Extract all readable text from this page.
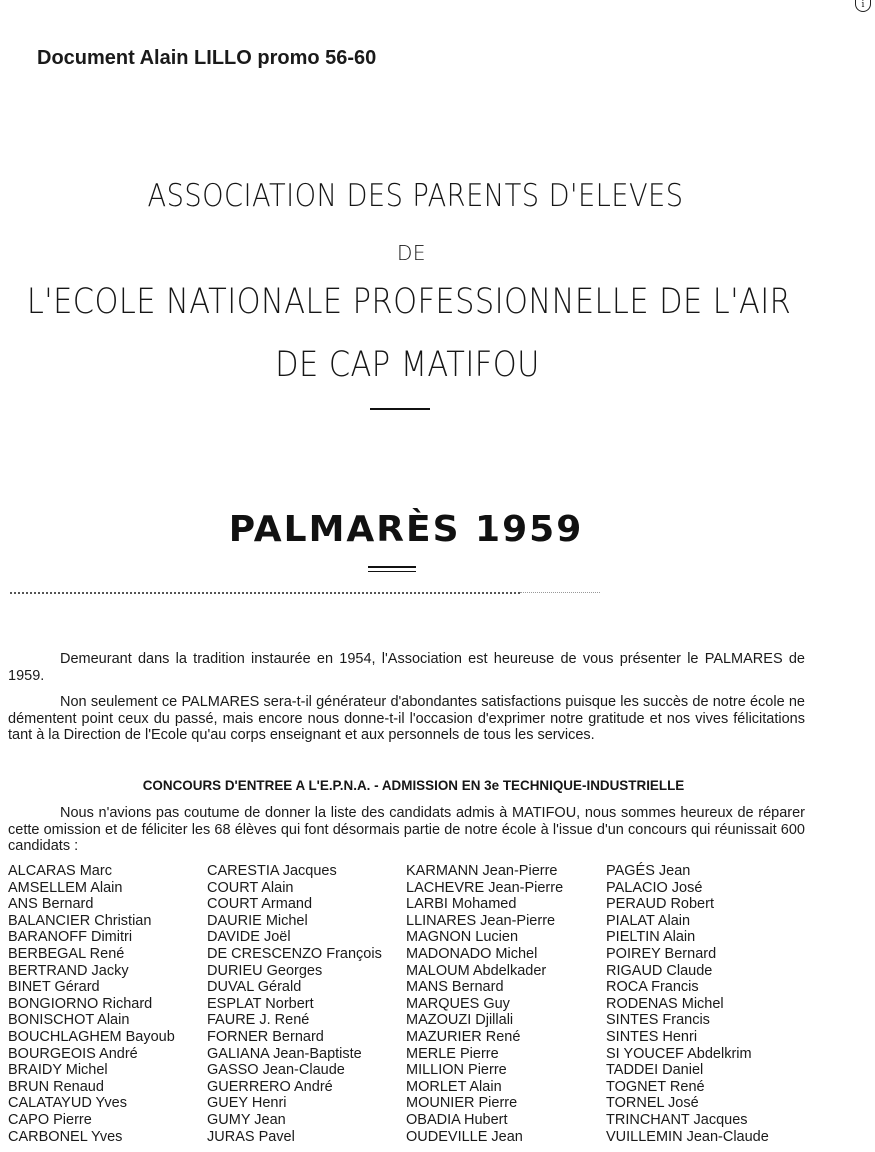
Document Alain LILLO promo 56-60
i
ASSOCIATION DES PARENTS D'ELEVES
DE
L'ECOLE NATIONALE PROFESSIONNELLE DE L'AIR
DE CAP MATIFOU
PALMARÈS 1959
Demeurant dans la tradition instaurée en 1954, l'Association est heureuse de vous présenter le PALMARES de 1959.
Non seulement ce PALMARES sera-t-il générateur d'abondantes satisfactions puisque les succès de notre école ne démentent point ceux du passé, mais encore nous donne-t-il l'occasion d'exprimer notre gratitude et nos vives félicitations tant à la Direction de l'Ecole qu'au corps enseignant et aux personnels de tous les services.
CONCOURS D'ENTREE A L'E.P.N.A. - ADMISSION EN 3e TECHNIQUE-INDUSTRIELLE
Nous n'avions pas coutume de donner la liste des candidats admis à MATIFOU, nous sommes heureux de réparer cette omission et de féliciter les 68 élèves qui font désormais partie de notre école à l'issue d'un concours qui réunissait 600 candidats :
ALCARAS Marc
AMSELLEM Alain
ANS Bernard
BALANCIER Christian
BARANOFF Dimitri
BERBEGAL René
BERTRAND Jacky
BINET Gérard
BONGIORNO Richard
BONISCHOT Alain
BOUCHLAGHEM Bayoub
BOURGEOIS André
BRAIDY Michel
BRUN Renaud
CALATAYUD Yves
CAPO Pierre
CARBONEL Yves
CARESTIA Jacques
COURT Alain
COURT Armand
DAURIE Michel
DAVIDE Joël
DE CRESCENZO François
DURIEU Georges
DUVAL Gérald
ESPLAT Norbert
FAURE J. René
FORNER Bernard
GALIANA Jean-Baptiste
GASSO Jean-Claude
GUERRERO André
GUEY Henri
GUMY Jean
JURAS Pavel
KARMANN Jean-Pierre
LACHEVRE Jean-Pierre
LARBI Mohamed
LLINARES Jean-Pierre
MAGNON Lucien
MADONADO Michel
MALOUM Abdelkader
MANS Bernard
MARQUES Guy
MAZOUZI Djillali
MAZURIER René
MERLE Pierre
MILLION Pierre
MORLET Alain
MOUNIER Pierre
OBADIA Hubert
OUDEVILLE Jean
PAGÉS Jean
PALACIO José
PERAUD Robert
PIALAT Alain
PIELTIN Alain
POIREY Bernard
RIGAUD Claude
ROCA Francis
RODENAS Michel
SINTES Francis
SINTES Henri
SI YOUCEF Abdelkrim
TADDEI Daniel
TOGNET René
TORNEL José
TRINCHANT Jacques
VUILLEMIN Jean-Claude
